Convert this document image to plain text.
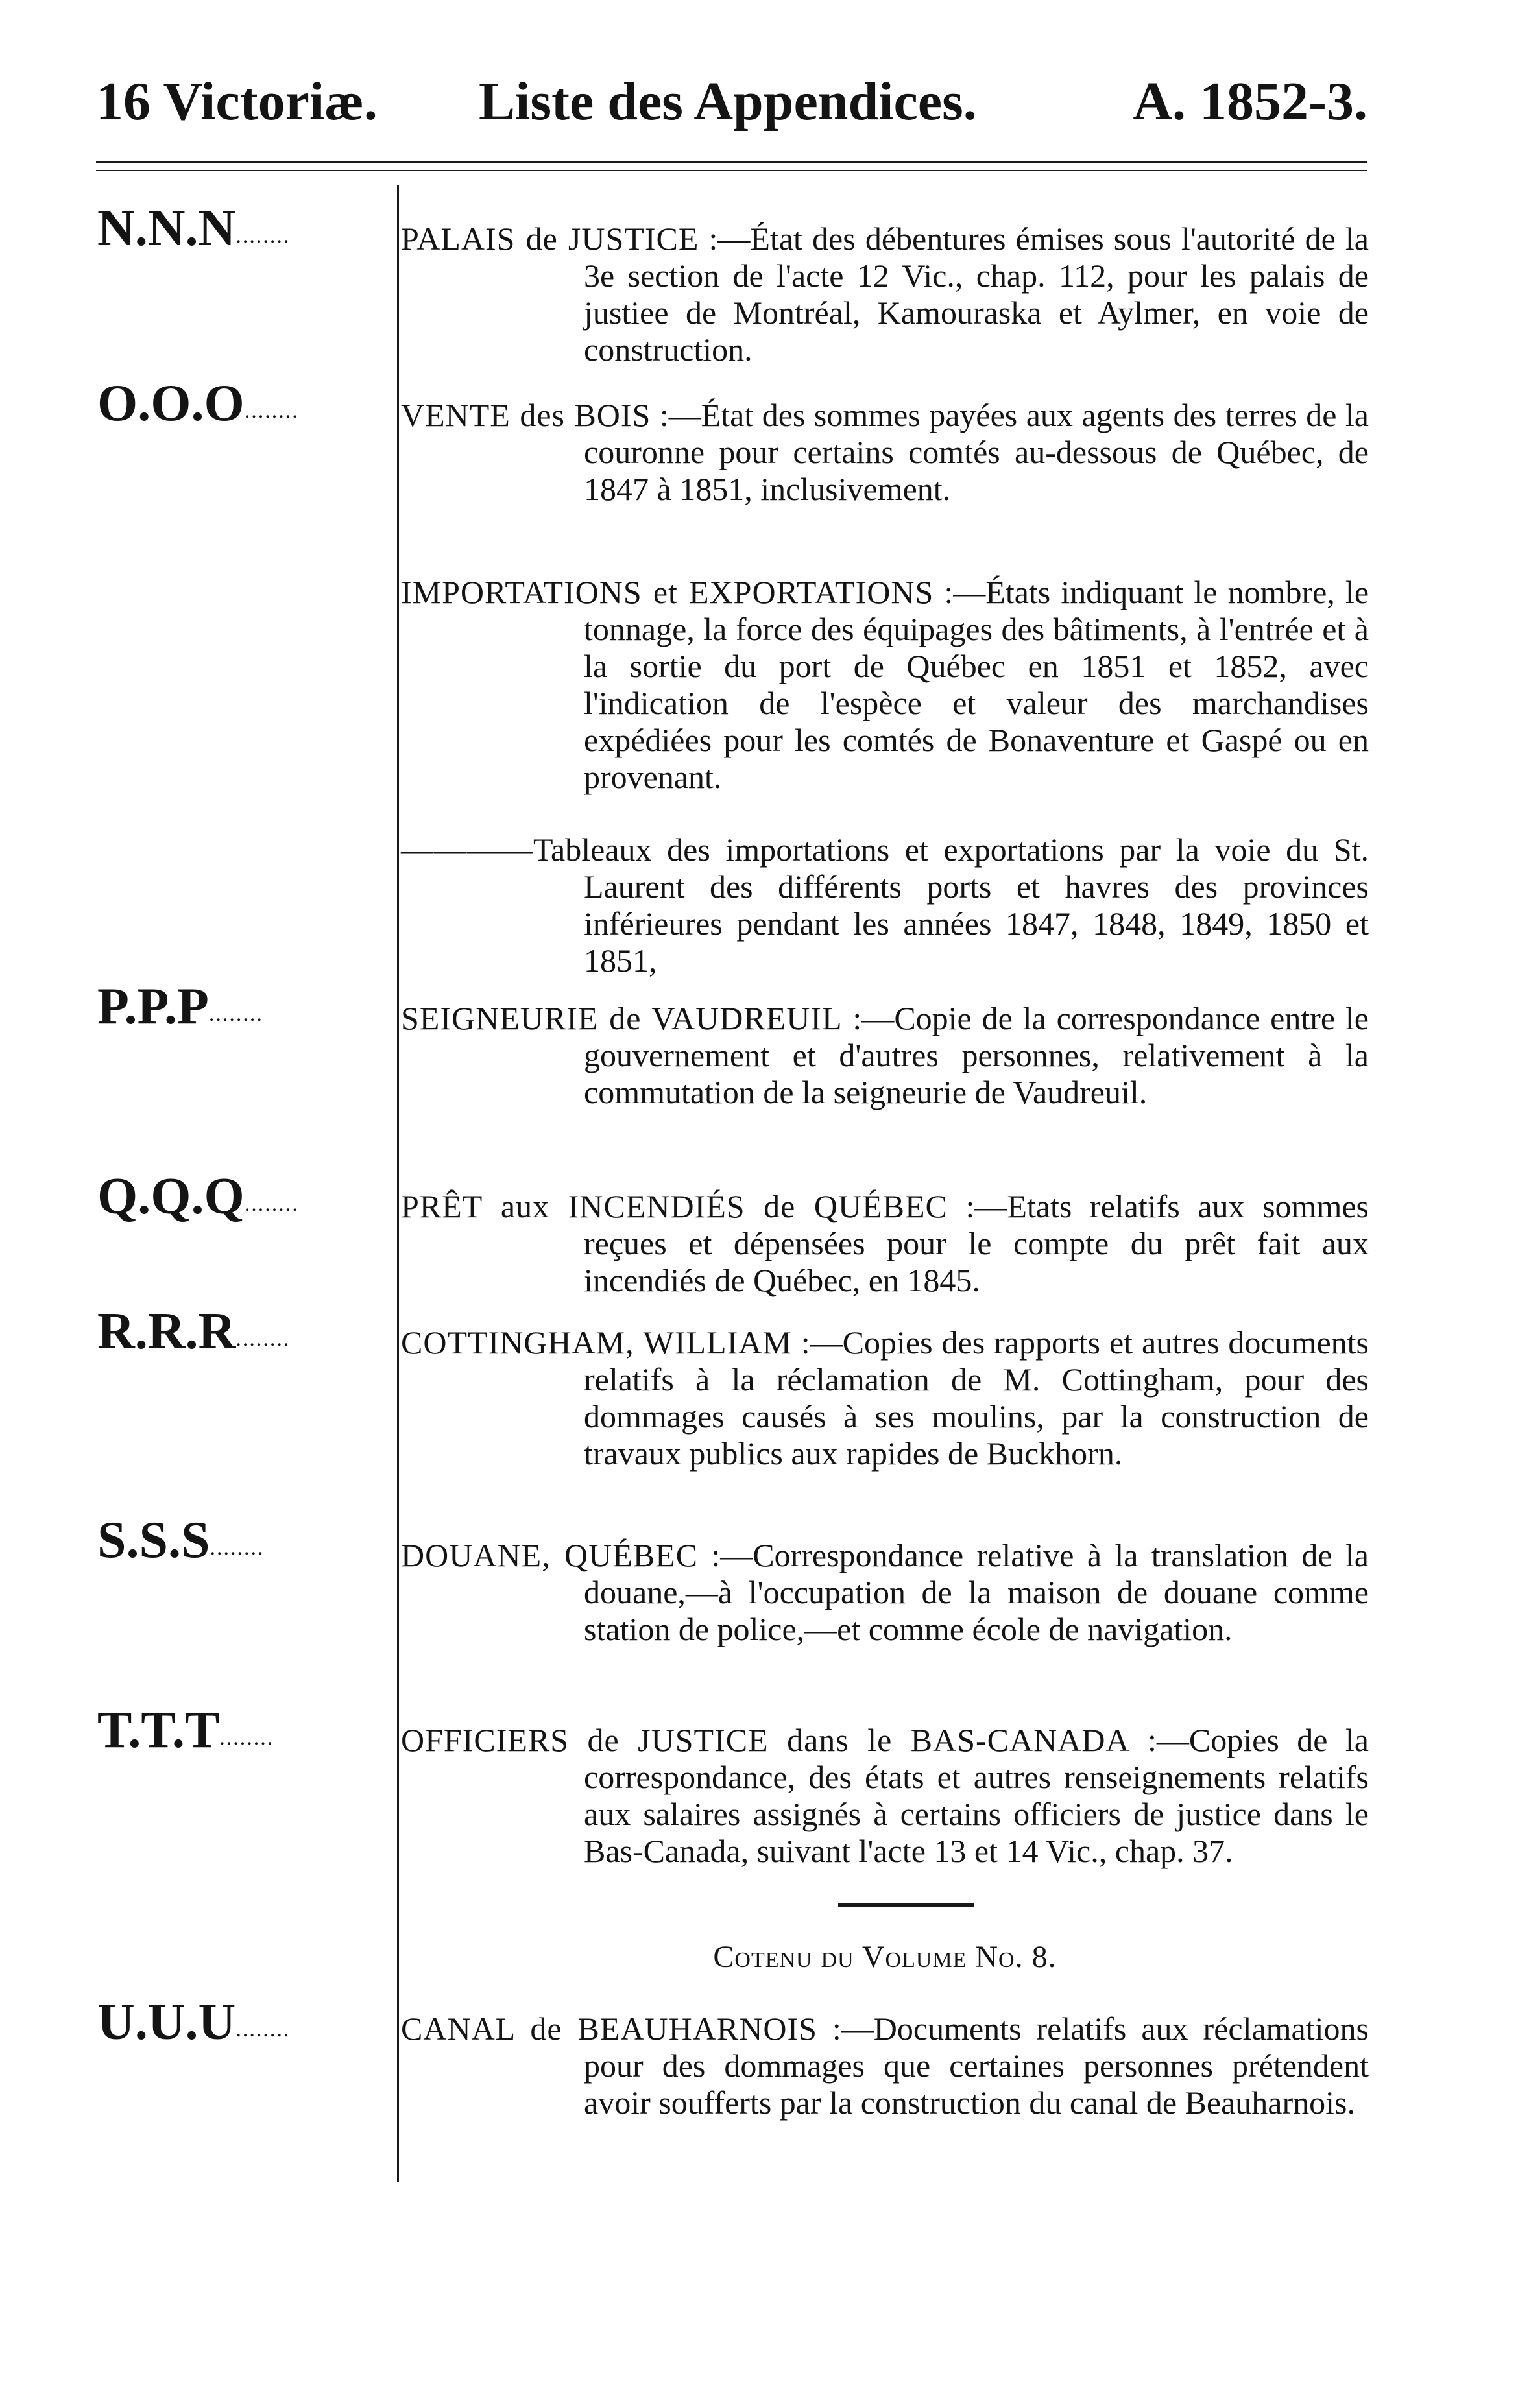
16 Victoriæ. Liste des Appendices.	A. 1852-3.
N.N.N........	PALAIS de JUSTICE :—État des débentures émises sous l'autorité de la 3e section de l'acte 12 Vic., chap. 112, pour les palais de justiee de Montréal, Kamouraska et Aylmer, en voie de construction.
O.O.O........	VENTE des BOIS :—État des sommes payées aux agents des terres de la couronne pour certains comtés au-dessous de Québec, de 1847 à 1851, inclusivement.
IMPORTATIONS et EXPORTATIONS :—États indiquant le nombre, le tonnage, la force des équipages des bâtiments, à l'entrée et à la sortie du port de Québec en 1851 et 1852, avec l'indication de l'espèce et valeur des marchandises expédiées pour les comtés de Bonaventure et Gaspé ou en provenant.
————Tableaux des importations et exportations par la voie du St. Laurent des différents ports et havres des provinces inférieures pendant les années 1847, 1848, 1849, 1850 et 1851,
P.P.P........	SEIGNEURIE de VAUDREUIL :—Copie de la correspondance entre le gouvernement et d'autres personnes, relativement à la commutation de la seigneurie de Vaudreuil.
Q.Q.Q........	PRÊT aux INCENDIÉS de QUÉBEC :—Etats relatifs aux sommes reçues et dépensées pour le compte du prêt fait aux incendiés de Québec, en 1845.
R.R.R........	COTTINGHAM, WILLIAM :—Copies des rapports et autres documents relatifs à la réclamation de M. Cottingham, pour des dommages causés à ses moulins, par la construction de travaux publics aux rapides de Buckhorn.
S.S.S........	DOUANE, QUÉBEC :—Correspondance relative à la translation de la douane,—à l'occupation de la maison de douane comme station de police,—et comme école de navigation.
T.T.T........	OFFICIERS de JUSTICE dans le BAS-CANADA :—Copies de la correspondance, des états et autres renseignements relatifs aux salaires assignés à certains officiers de justice dans le Bas-Canada, suivant l'acte 13 et 14 Vic., chap. 37.
Cotenu du Volume No. 8.
U.U.U........	CANAL de BEAUHARNOIS :—Documents relatifs aux réclamations pour des dommages que certaines personnes prétendent avoir soufferts par la construction du canal de Beauharnois.
